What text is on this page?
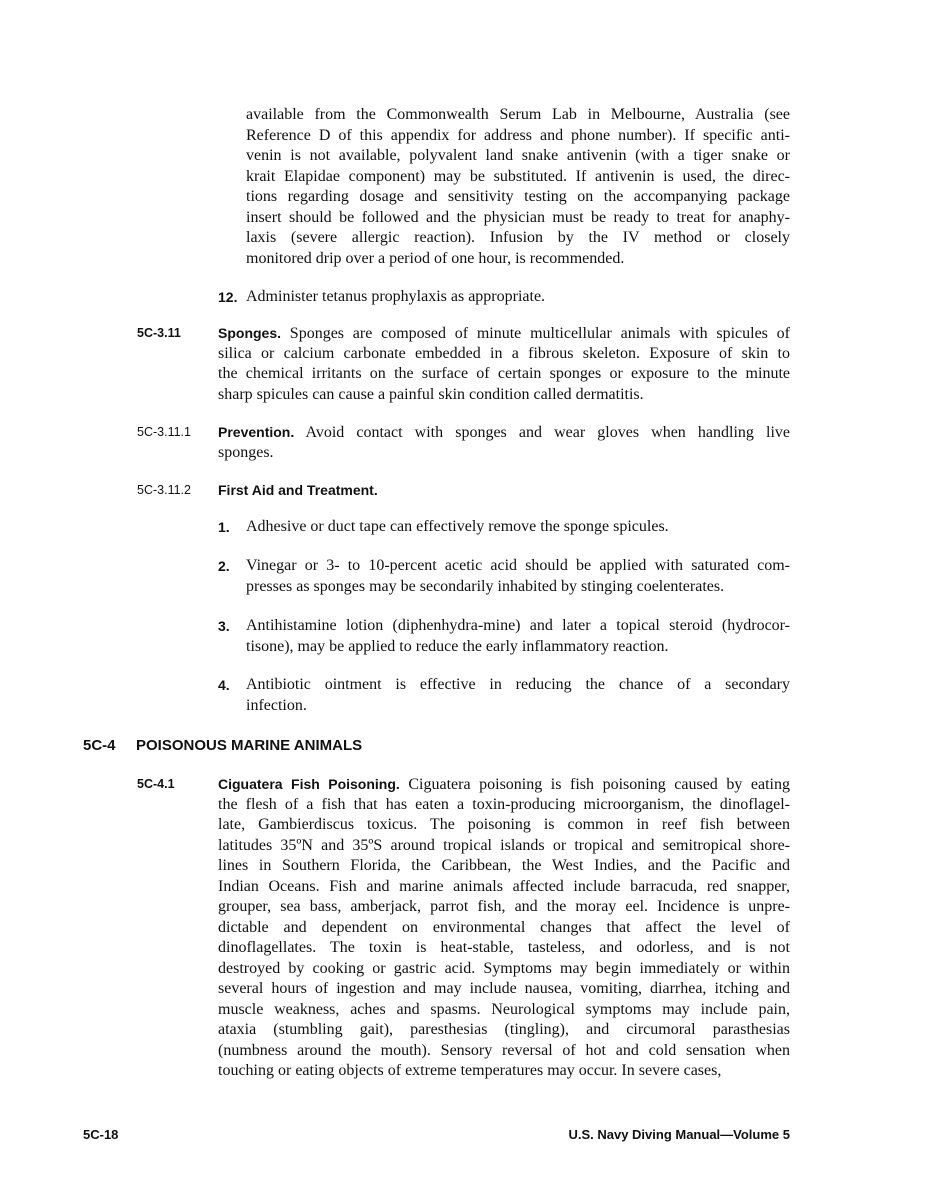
5C-4 POISONOUS MARINE ANIMALS
5C-18	U.S. Navy Diving Manual—Volume 5
available from the Commonwealth Serum Lab in Melbourne, Australia (see
Reference D of this appendix for address and phone number). If specific anti-
venin is not available, polyvalent land snake antivenin (with a tiger snake or
krait Elapidae component) may be substituted. If antivenin is used, the direc-
tions regarding dosage and sensitivity testing on the accompanying package
insert should be followed and the physician must be ready to treat for anaphy-
laxis (severe allergic reaction). Infusion by the IV method or closely
monitored drip over a period of one hour, is recommended.
12. Administer tetanus prophylaxis as appropriate.
5C-3.11	Sponges. Sponges are composed of minute multicellular animals with spicules of
silica or calcium carbonate embedded in a fibrous skeleton. Exposure of skin to
the chemical irritants on the surface of certain sponges or exposure to the minute
sharp spicules can cause a painful skin condition called dermatitis.
5C-3.11.1 Prevention. Avoid contact with sponges and wear gloves when handling live
sponges.
5C-3.11.2 First Aid and Treatment.
1. Adhesive or duct tape can effectively remove the sponge spicules.
2. Vinegar or 3- to 10-percent acetic acid should be applied with saturated com-
presses as sponges may be secondarily inhabited by stinging coelenterates.
3. Antihistamine lotion (diphenhydra-mine) and later a topical steroid (hydrocor-
tisone), may be applied to reduce the early inflammatory reaction.
4. Antibiotic ointment is effective in reducing the chance of a secondary
infection.
5C-4.1	Ciguatera Fish Poisoning. Ciguatera poisoning is fish poisoning caused by eating
the flesh of a fish that has eaten a toxin-producing microorganism, the dinoflagel-
late, Gambierdiscus toxicus. The poisoning is common in reef fish between
latitudes 35ºN and 35ºS around tropical islands or tropical and semitropical shore-
lines in Southern Florida, the Caribbean, the West Indies, and the Pacific and
Indian Oceans. Fish and marine animals affected include barracuda, red snapper,
grouper, sea bass, amberjack, parrot fish, and the moray eel. Incidence is unpre-
dictable and dependent on environmental changes that affect the level of
dinoflagellates. The toxin is heat-stable, tasteless, and odorless, and is not
destroyed by cooking or gastric acid. Symptoms may begin immediately or within
several hours of ingestion and may include nausea, vomiting, diarrhea, itching and
muscle weakness, aches and spasms. Neurological symptoms may include pain,
ataxia (stumbling gait), paresthesias (tingling), and circumoral parasthesias
(numbness around the mouth). Sensory reversal of hot and cold sensation when
touching or eating objects of extreme temperatures may occur. In severe cases,
